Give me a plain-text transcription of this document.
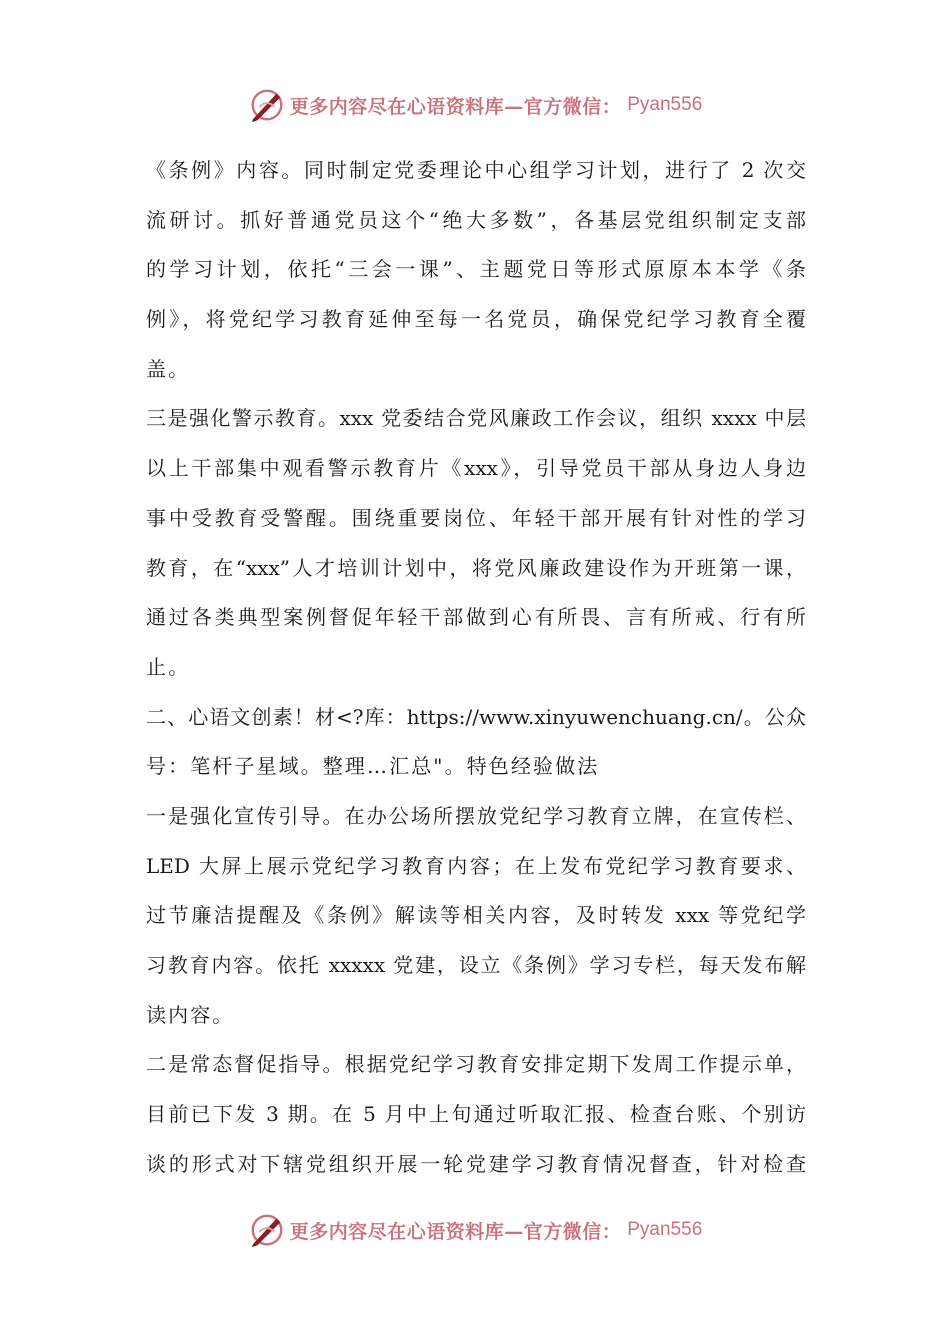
更多内容尽在心语资料库—官方微信： Pyan556
《条例》内容。同时制定党委理论中心组学习计划，进行了 2 次交
流研讨。抓好普通党员这个“绝大多数”，各基层党组织制定支部
的学习计划，依托“三会一课”、主题党日等形式原原本本学《条
例》，将党纪学习教育延伸至每一名党员，确保党纪学习教育全覆
盖。
三是强化警示教育。xxx 党委结合党风廉政工作会议，组织 xxxx 中层
以上干部集中观看警示教育片《xxx》，引导党员干部从身边人身边
事中受教育受警醒。围绕重要岗位、年轻干部开展有针对性的学习
教育，在“xxx”人才培训计划中，将党风廉政建设作为开班第一课，
通过各类典型案例督促年轻干部做到心有所畏、言有所戒、行有所
止。
二、心语文创素！材<?库：https://www.xinyuwenchuang.cn/。公众
号：笔杆子星域。整理…汇总"。特色经验做法
一是强化宣传引导。在办公场所摆放党纪学习教育立牌，在宣传栏、
LED 大屏上展示党纪学习教育内容；在上发布党纪学习教育要求、
过节廉洁提醒及《条例》解读等相关内容，及时转发 xxx 等党纪学
习教育内容。依托 xxxxx 党建，设立《条例》学习专栏，每天发布解
读内容。
二是常态督促指导。根据党纪学习教育安排定期下发周工作提示单，
目前已下发 3 期。在 5 月中上旬通过听取汇报、检查台账、个别访
谈的形式对下辖党组织开展一轮党建学习教育情况督查，针对检查
更多内容尽在心语资料库—官方微信： Pyan556
